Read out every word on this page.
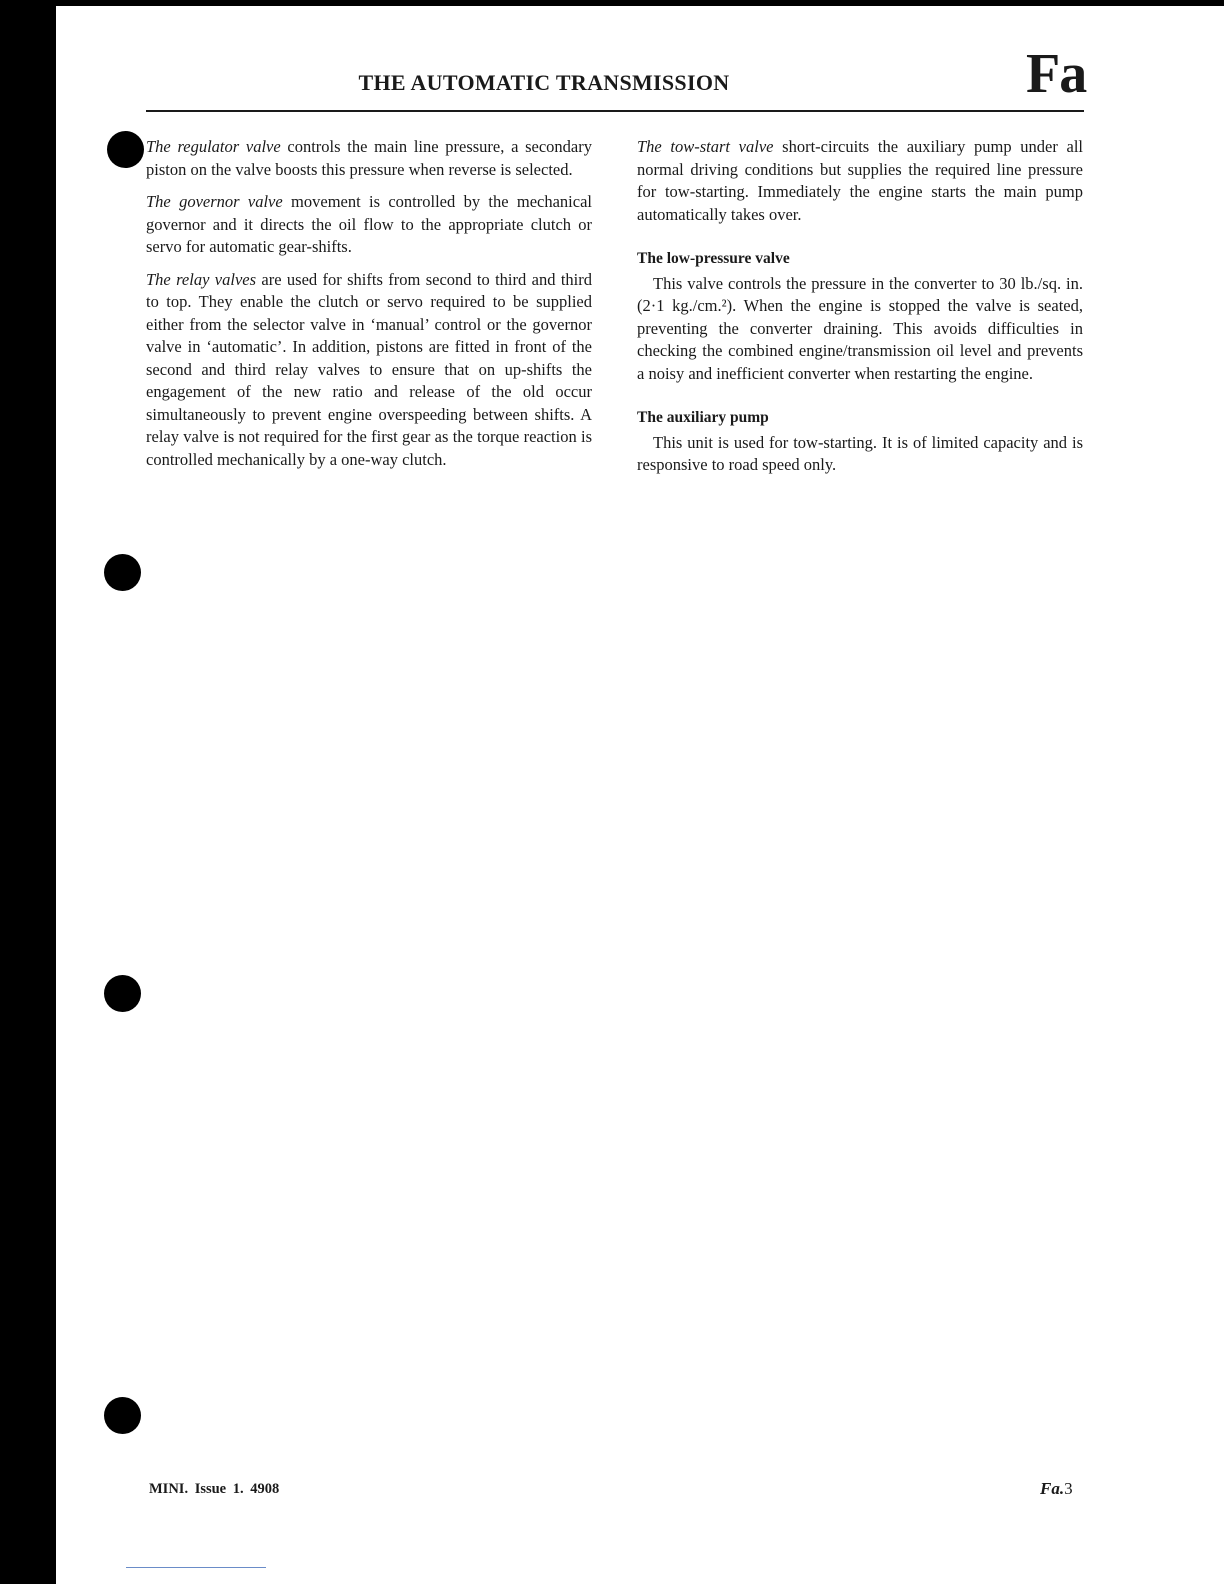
THE AUTOMATIC TRANSMISSION	Fa

The regulator valve controls the main line pressure, a secondary piston on the valve boosts this pressure when reverse is selected.

The governor valve movement is controlled by the mechanical governor and it directs the oil flow to the appropriate clutch or servo for automatic gear-shifts.

The relay valves are used for shifts from second to third and third to top. They enable the clutch or servo required to be supplied either from the selector valve in ‘manual’ control or the governor valve in ‘automatic’. In addition, pistons are fitted in front of the second and third relay valves to ensure that on up-shifts the engagement of the new ratio and release of the old occur simultaneously to prevent engine overspeeding between shifts. A relay valve is not required for the first gear as the torque reaction is controlled mechanically by a one-way clutch.

The tow-start valve short-circuits the auxiliary pump under all normal driving conditions but supplies the required line pressure for tow-starting. Immediately the engine starts the main pump automatically takes over.

The low-pressure valve

This valve controls the pressure in the converter to 30 lb./sq. in. (2·1 kg./cm.²). When the engine is stopped the valve is seated, preventing the converter draining. This avoids difficulties in checking the combined engine/transmission oil level and prevents a noisy and inefficient converter when restarting the engine.

The auxiliary pump

This unit is used for tow-starting. It is of limited capacity and is responsive to road speed only.

MINI. Issue 1. 4908	Fa.3
